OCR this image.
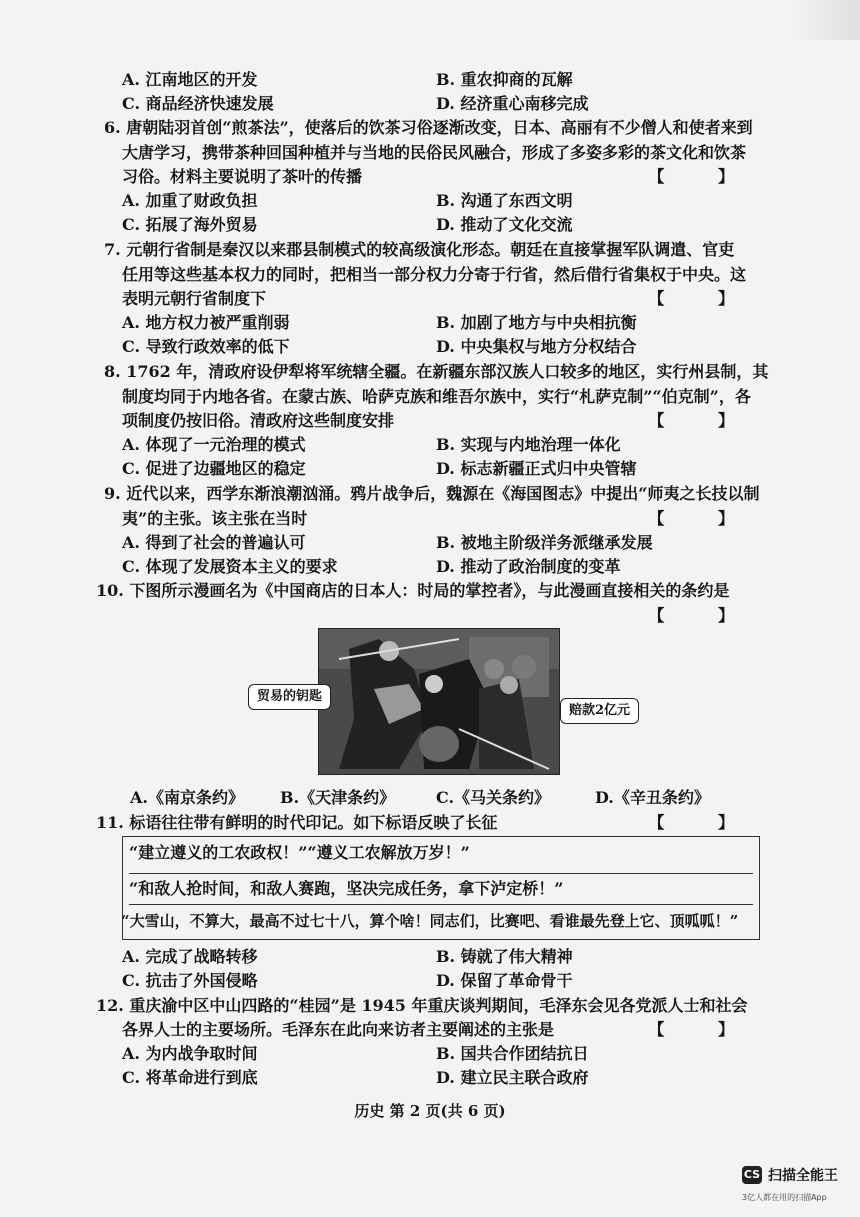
A. 江南地区的开发	B. 重农抑商的瓦解
C. 商品经济快速发展	D. 经济重心南移完成
6. 唐朝陆羽首创“煎茶法”，使落后的饮茶习俗逐渐改变，日本、高丽有不少僧人和使者来到
大唐学习，携带茶种回国种植并与当地的民俗民风融合，形成了多姿多彩的茶文化和饮茶
习俗。材料主要说明了茶叶的传播	【 】
A. 加重了财政负担	B. 沟通了东西文明
C. 拓展了海外贸易	D. 推动了文化交流
7. 元朝行省制是秦汉以来郡县制模式的较高级演化形态。朝廷在直接掌握军队调遣、官吏
任用等这些基本权力的同时，把相当一部分权力分寄于行省，然后借行省集权于中央。这
表明元朝行省制度下	【 】
A. 地方权力被严重削弱	B. 加剧了地方与中央相抗衡
C. 导致行政效率的低下	D. 中央集权与地方分权结合
8. 1762 年，清政府设伊犁将军统辖全疆。在新疆东部汉族人口较多的地区，实行州县制，其
制度均同于内地各省。在蒙古族、哈萨克族和维吾尔族中，实行“札萨克制”“伯克制”，各
项制度仍按旧俗。清政府这些制度安排	【 】
A. 体现了一元治理的模式	B. 实现与内地治理一体化
C. 促进了边疆地区的稳定	D. 标志新疆正式归中央管辖
9. 近代以来，西学东渐浪潮汹涌。鸦片战争后，魏源在《海国图志》中提出“师夷之长技以制
夷”的主张。该主张在当时	【 】
A. 得到了社会的普遍认可	B. 被地主阶级洋务派继承发展
C. 体现了发展资本主义的要求	D. 推动了政治制度的变革
10. 下图所示漫画名为《中国商店的日本人：时局的掌控者》，与此漫画直接相关的条约是
【 】
贸易的钥匙
赔款2亿元
A.《南京条约》 B.《天津条约》	C.《马关条约》	D.《辛丑条约》
11. 标语往往带有鲜明的时代印记。如下标语反映了长征	【 】
“建立遵义的工农政权！”“遵义工农解放万岁！”
“和敌人抢时间，和敌人赛跑，坚决完成任务，拿下泸定桥！”
“大雪山，不算大，最高不过七十八，算个啥！同志们，比赛吧、看谁最先登上它、顶呱呱！”
A. 完成了战略转移	B. 铸就了伟大精神
C. 抗击了外国侵略	D. 保留了革命骨干
12. 重庆渝中区中山四路的“桂园”是 1945 年重庆谈判期间，毛泽东会见各党派人士和社会
各界人士的主要场所。毛泽东在此向来访者主要阐述的主张是	【 】
A. 为内战争取时间	B. 国共合作团结抗日
C. 将革命进行到底	D. 建立民主联合政府
历史 第 2 页(共 6 页)
CS 扫描全能王
3亿人都在用的扫描App
